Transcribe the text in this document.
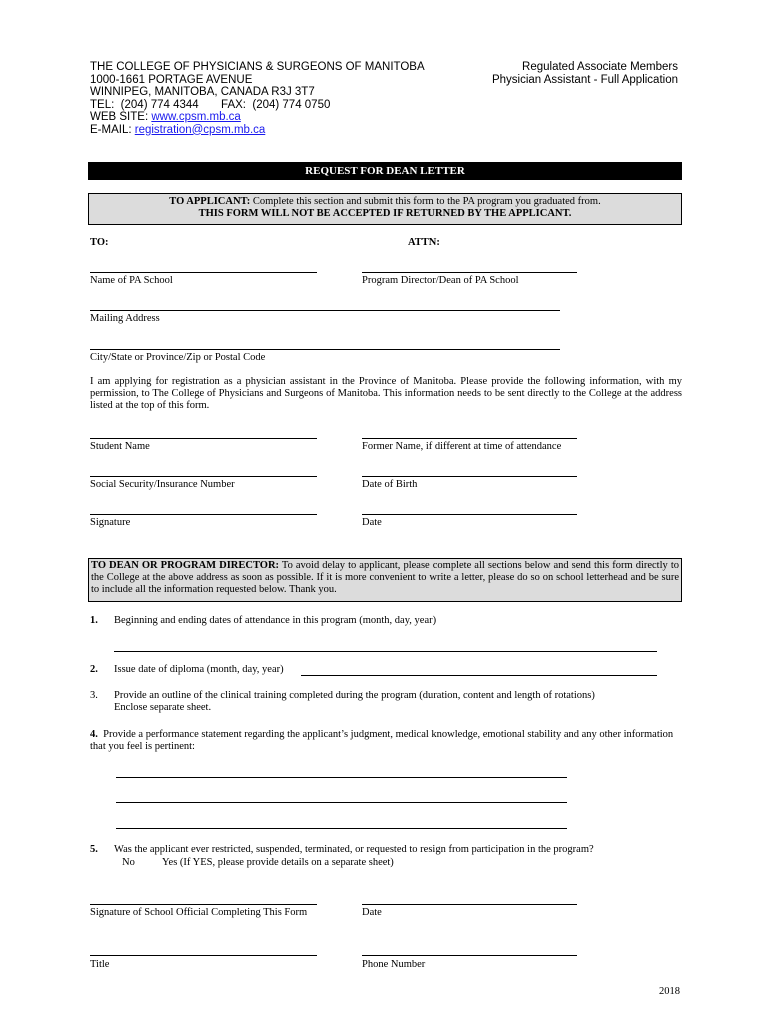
THE COLLEGE OF PHYSICIANS & SURGEONS OF MANITOBA
1000-1661 PORTAGE AVENUE
WINNIPEG, MANITOBA, CANADA R3J 3T7
TEL:  (204) 774 4344       FAX:  (204) 774 0750
WEB SITE: www.cpsm.mb.ca
E-MAIL: registration@cpsm.mb.ca
Regulated Associate Members
Physician Assistant - Full Application
REQUEST FOR DEAN LETTER
TO APPLICANT: Complete this section and submit this form to the PA program you graduated from.
THIS FORM WILL NOT BE ACCEPTED IF RETURNED BY THE APPLICANT.
TO:	ATTN:
Name of PA School	Program Director/Dean of PA School
Mailing Address
City/State or Province/Zip or Postal Code
I am applying for registration as a physician assistant in the Province of Manitoba. Please provide the following information, with my permission, to The College of Physicians and Surgeons of Manitoba. This information needs to be sent directly to the College at the address listed at the top of this form.
Student Name	Former Name, if different at time of attendance
Social Security/Insurance Number	Date of Birth
Signature	Date
TO DEAN OR PROGRAM DIRECTOR: To avoid delay to applicant, please complete all sections below and send this form directly to the College at the above address as soon as possible. If it is more convenient to write a letter, please do so on school letterhead and be sure to include all the information requested below. Thank you.
1. Beginning and ending dates of attendance in this program (month, day, year)
2. Issue date of diploma (month, day, year)
3. Provide an outline of the clinical training completed during the program (duration, content and length of rotations)
Enclose separate sheet.
4. Provide a performance statement regarding the applicant’s judgment, medical knowledge, emotional stability and any other information that you feel is pertinent:
5. Was the applicant ever restricted, suspended, terminated, or requested to resign from participation in the program?
No	Yes (If YES, please provide details on a separate sheet)
Signature of School Official Completing This Form	Date
Title	Phone Number
2018
